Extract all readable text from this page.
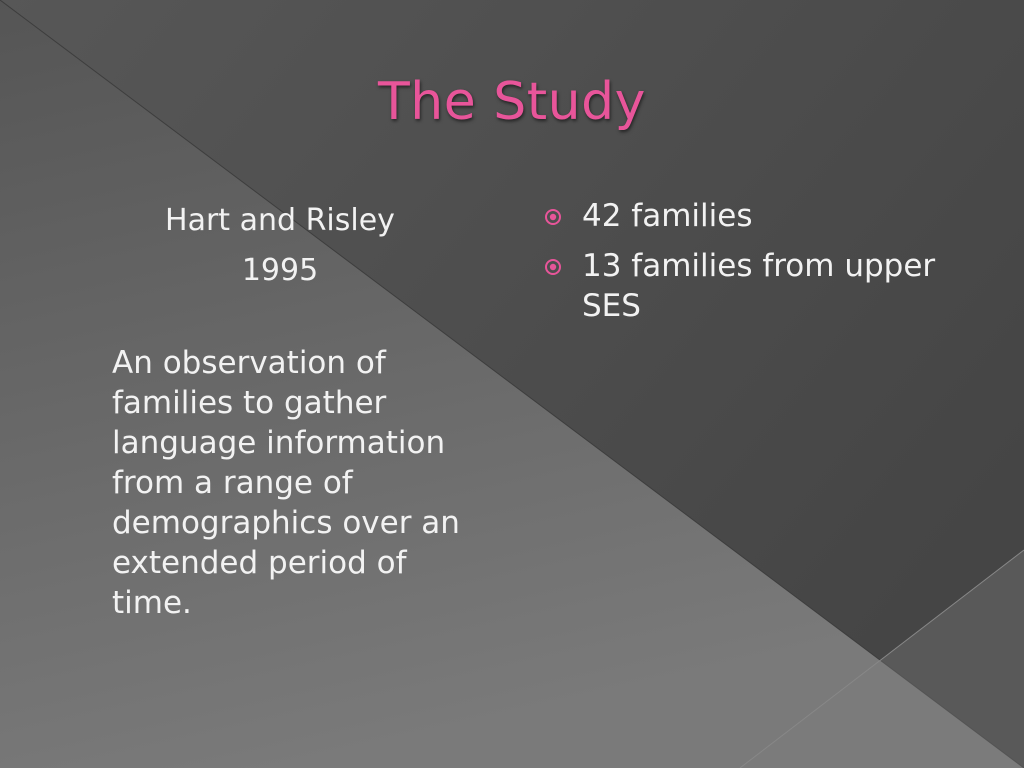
The Study
Hart and Risley
1995
An observation of families to gather language information from a range of demographics over an extended period of time.
42 families
13 families from upper SES
